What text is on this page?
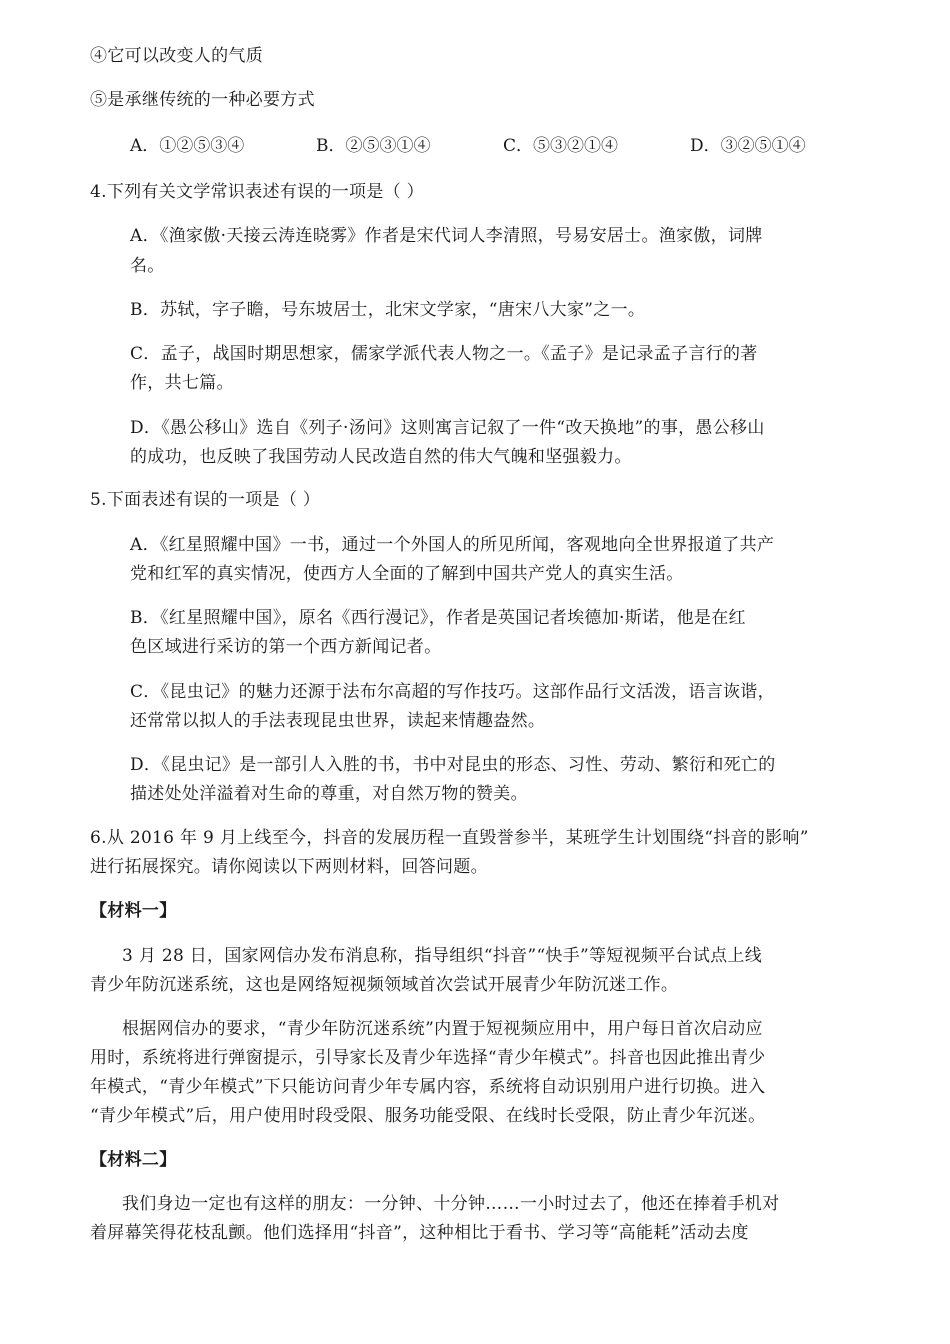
④它可以改变人的气质
⑤是承继传统的一种必要方式
A．①②⑤③④	B．②⑤③①④	C．⑤③②①④	D．③②⑤①④
4.下列有关文学常识表述有误的一项是（ ）
A．《渔家傲·天接云涛连晓雾》作者是宋代词人李清照，号易安居士。渔家傲，词牌
名。
B．苏轼，字子瞻，号东坡居士，北宋文学家，“唐宋八大家”之一。
C．孟子，战国时期思想家，儒家学派代表人物之一。《孟子》是记录孟子言行的著
作，共七篇。
D．《愚公移山》选自《列子·汤问》这则寓言记叙了一件“改天换地”的事，愚公移山
的成功，也反映了我国劳动人民改造自然的伟大气魄和坚强毅力。
5.下面表述有误的一项是（ ）
A．《红星照耀中国》一书，通过一个外国人的所见所闻，客观地向全世界报道了共产
党和红军的真实情况，使西方人全面的了解到中国共产党人的真实生活。
B．《红星照耀中国》，原名《西行漫记》，作者是英国记者埃德加·斯诺，他是在红
色区域进行采访的第一个西方新闻记者。
C．《昆虫记》的魅力还源于法布尔高超的写作技巧。这部作品行文活泼，语言诙谐，
还常常以拟人的手法表现昆虫世界，读起来情趣盎然。
D．《昆虫记》是一部引人入胜的书，书中对昆虫的形态、习性、劳动、繁衍和死亡的
描述处处洋溢着对生命的尊重，对自然万物的赞美。
6.从 2016 年 9 月上线至今，抖音的发展历程一直毁誉参半，某班学生计划围绕“抖音的影响”
进行拓展探究。请你阅读以下两则材料，回答问题。
【材料一】
3 月 28 日，国家网信办发布消息称，指导组织“抖音”“快手”等短视频平台试点上线
青少年防沉迷系统，这也是网络短视频领域首次尝试开展青少年防沉迷工作。
根据网信办的要求，“青少年防沉迷系统”内置于短视频应用中，用户每日首次启动应
用时，系统将进行弹窗提示，引导家长及青少年选择“青少年模式”。抖音也因此推出青少
年模式，“青少年模式”下只能访问青少年专属内容，系统将自动识别用户进行切换。进入
“青少年模式”后，用户使用时段受限、服务功能受限、在线时长受限，防止青少年沉迷。
【材料二】
我们身边一定也有这样的朋友：一分钟、十分钟……一小时过去了，他还在捧着手机对
着屏幕笑得花枝乱颤。他们选择用“抖音”，这种相比于看书、学习等“高能耗”活动去度
